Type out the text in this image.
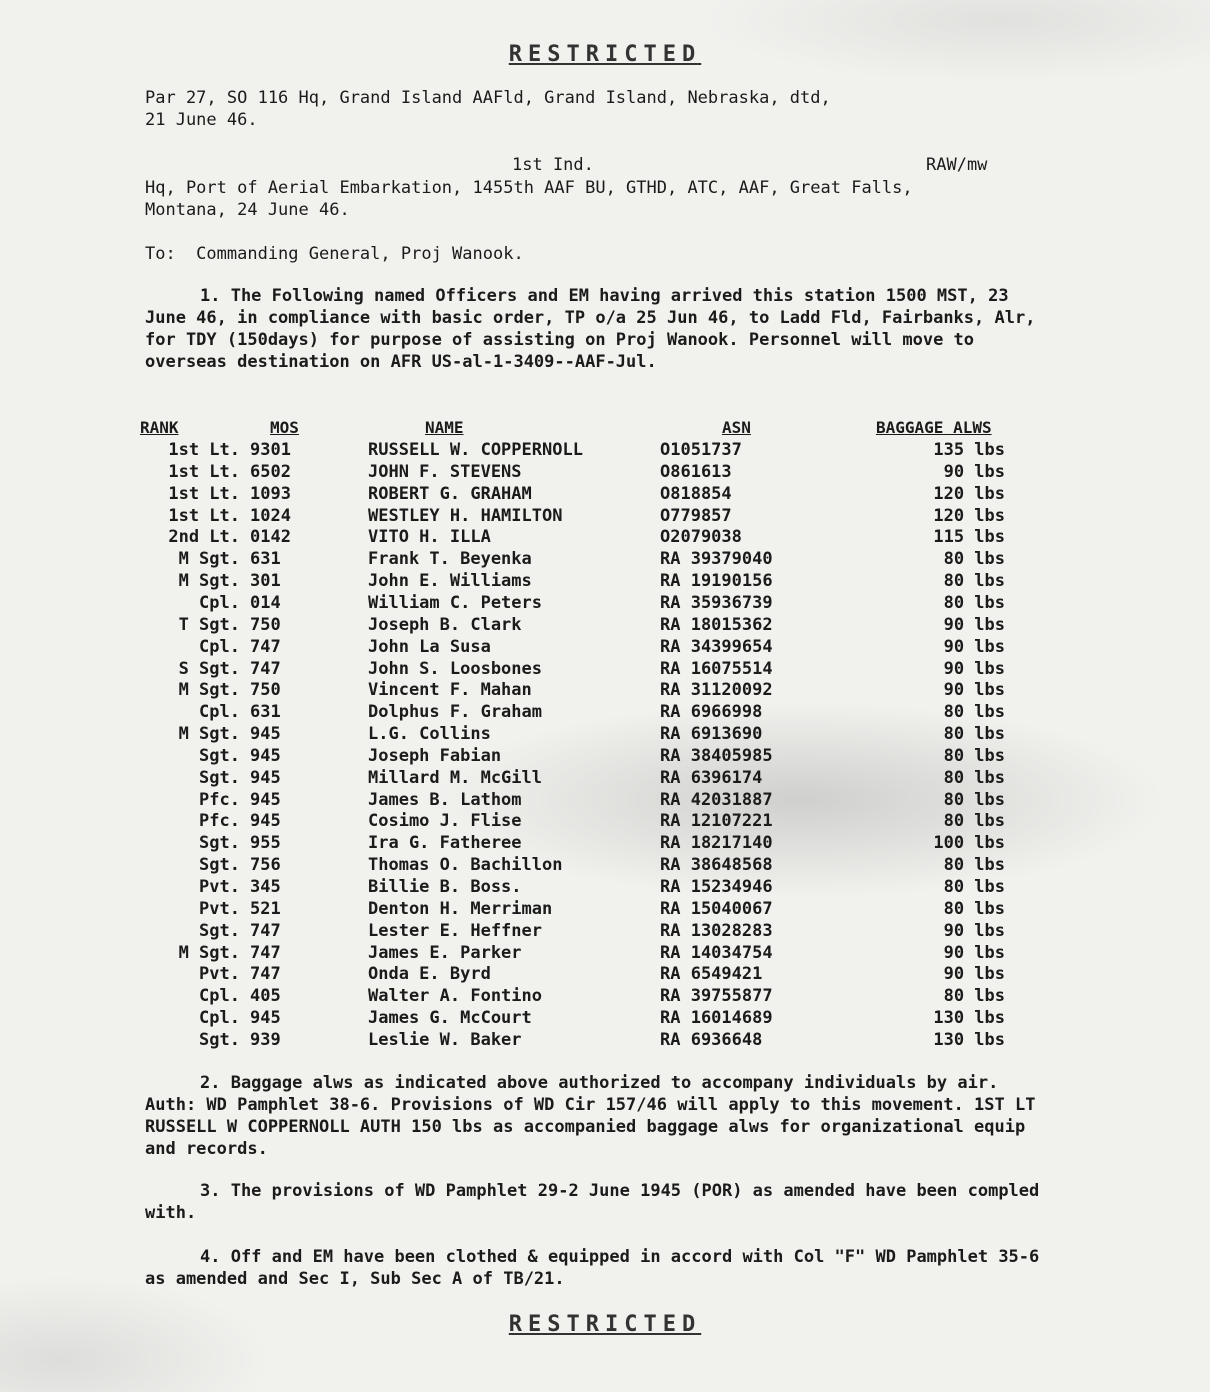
RESTRICTED
Par 27, SO 116 Hq, Grand Island AAFld, Grand Island, Nebraska, dtd,
21 June 46.
1st Ind.	RAW/mw
Hq, Port of Aerial Embarkation, 1455th AAF BU, GTHD, ATC, AAF, Great Falls,
Montana, 24 June 46.
To:  Commanding General, Proj Wanook.
1. The Following named Officers and EM having arrived this station 1500 MST, 23 June 46, in compliance with basic order, TP o/a 25 Jun 46, to Ladd Fld, Fairbanks, Alr, for TDY (150days) for purpose of assisting on Proj Wanook. Personnel will move to overseas destination on AFR US-al-1-3409--AAF-Jul.
RANK	MOS	NAME	ASN	BAGGAGE ALWS
1st Lt. 9301	RUSSELL W. COPPERNOLL	O1051737	135 lbs
1st Lt. 6502	JOHN F. STEVENS	O861613	90 lbs
1st Lt. 1093	ROBERT G. GRAHAM	O818854	120 lbs
1st Lt. 1024	WESTLEY H. HAMILTON	O779857	120 lbs
2nd Lt. 0142	VITO H. ILLA	O2079038	115 lbs
M Sgt. 631	Frank T. Beyenka	RA 39379040	80 lbs
M Sgt. 301	John E. Williams	RA 19190156	80 lbs
Cpl. 014	William C. Peters	RA 35936739	80 lbs
T Sgt. 750	Joseph B. Clark	RA 18015362	90 lbs
Cpl. 747	John La Susa	RA 34399654	90 lbs
S Sgt. 747	John S. Loosbones	RA 16075514	90 lbs
M Sgt. 750	Vincent F. Mahan	RA 31120092	90 lbs
Cpl. 631	Dolphus F. Graham	RA 6966998	80 lbs
M Sgt. 945	L.G. Collins	RA 6913690	80 lbs
Sgt. 945	Joseph Fabian	RA 38405985	80 lbs
Sgt. 945	Millard M. McGill	RA 6396174	80 lbs
Pfc. 945	James B. Lathom	RA 42031887	80 lbs
Pfc. 945	Cosimo J. Flise	RA 12107221	80 lbs
Sgt. 955	Ira G. Fatheree	RA 18217140	100 lbs
Sgt. 756	Thomas O. Bachillon	RA 38648568	80 lbs
Pvt. 345	Billie B. Boss.	RA 15234946	80 lbs
Pvt. 521	Denton H. Merriman	RA 15040067	80 lbs
Sgt. 747	Lester E. Heffner	RA 13028283	90 lbs
M Sgt. 747	James E. Parker	RA 14034754	90 lbs
Pvt. 747	Onda E. Byrd	RA 6549421	90 lbs
Cpl. 405	Walter A. Fontino	RA 39755877	80 lbs
Cpl. 945	James G. McCourt	RA 16014689	130 lbs
Sgt. 939	Leslie W. Baker	RA 6936648	130 lbs
2. Baggage alws as indicated above authorized to accompany individuals by air. Auth: WD Pamphlet 38-6. Provisions of WD Cir 157/46 will apply to this movement. 1ST LT RUSSELL W COPPERNOLL AUTH 150 lbs as accompanied baggage alws for organizational equip and records.
3. The provisions of WD Pamphlet 29-2 June 1945 (POR) as amended have been compled with.
4. Off and EM have been clothed & equipped in accord with Col "F" WD Pamphlet 35-6 as amended and Sec I, Sub Sec A of TB/21.
RESTRICTED
